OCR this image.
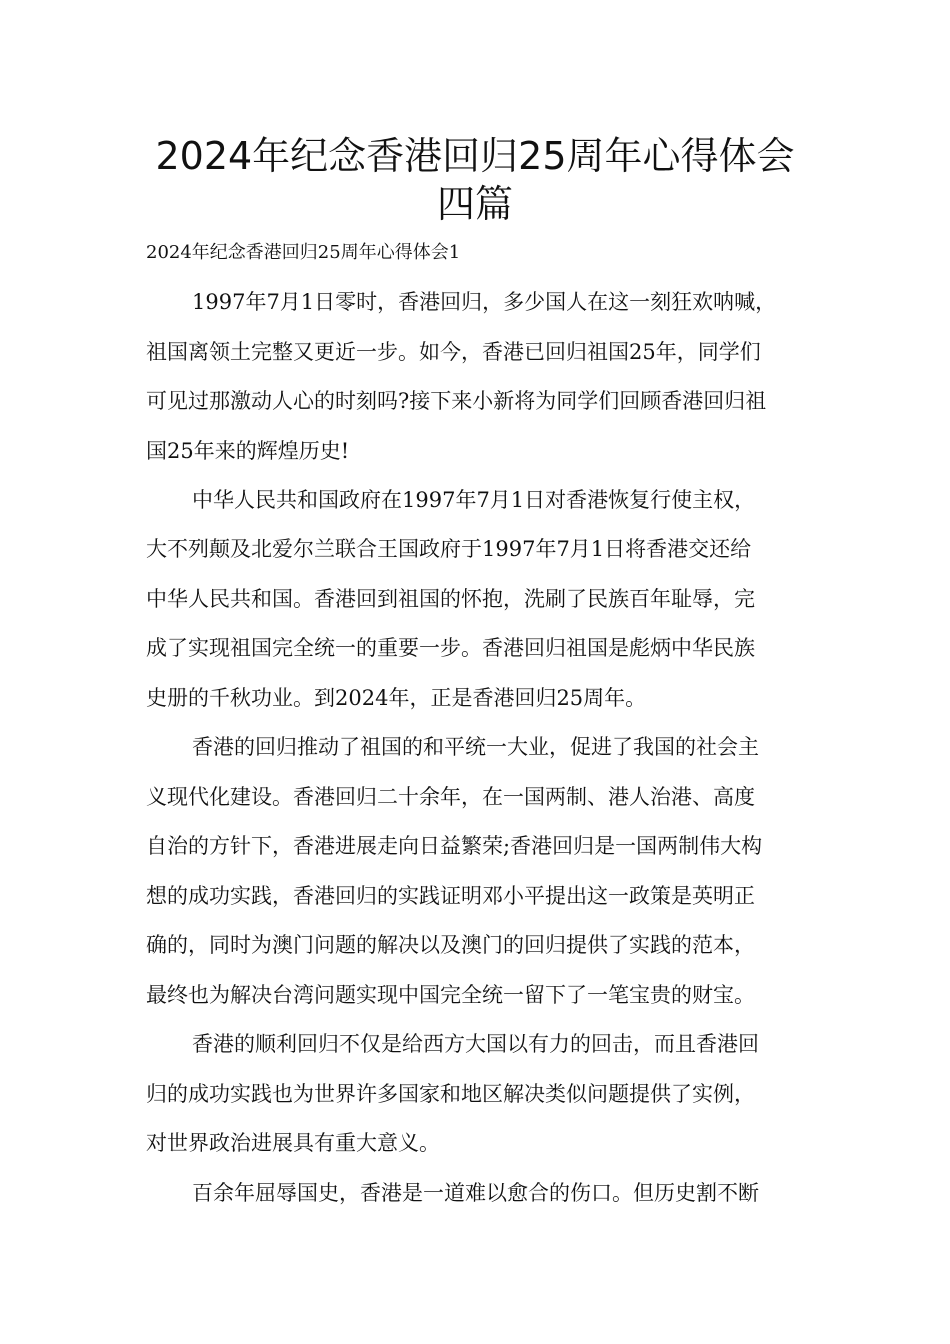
2024年纪念香港回归25周年心得体会
四篇

2024年纪念香港回归25周年心得体会1

1997年7月1日零时，香港回归，多少国人在这一刻狂欢呐喊，

祖国离领土完整又更近一步。如今，香港已回归祖国25年，同学们

可见过那激动人心的时刻吗?接下来小新将为同学们回顾香港回归祖

国25年来的辉煌历史!

中华人民共和国政府在1997年7月1日对香港恢复行使主权，

大不列颠及北爱尔兰联合王国政府于1997年7月1日将香港交还给

中华人民共和国。香港回到祖国的怀抱，洗刷了民族百年耻辱，完

成了实现祖国完全统一的重要一步。香港回归祖国是彪炳中华民族

史册的千秋功业。到2024年，正是香港回归25周年。

香港的回归推动了祖国的和平统一大业，促进了我国的社会主

义现代化建设。香港回归二十余年，在一国两制、港人治港、高度

自治的方针下，香港进展走向日益繁荣;香港回归是一国两制伟大构

想的成功实践，香港回归的实践证明邓小平提出这一政策是英明正

确的，同时为澳门问题的解决以及澳门的回归提供了实践的范本，

最终也为解决台湾问题实现中国完全统一留下了一笔宝贵的财宝。

香港的顺利回归不仅是给西方大国以有力的回击，而且香港回

归的成功实践也为世界许多国家和地区解决类似问题提供了实例，

对世界政治进展具有重大意义。

百余年屈辱国史，香港是一道难以愈合的伤口。但历史割不断
